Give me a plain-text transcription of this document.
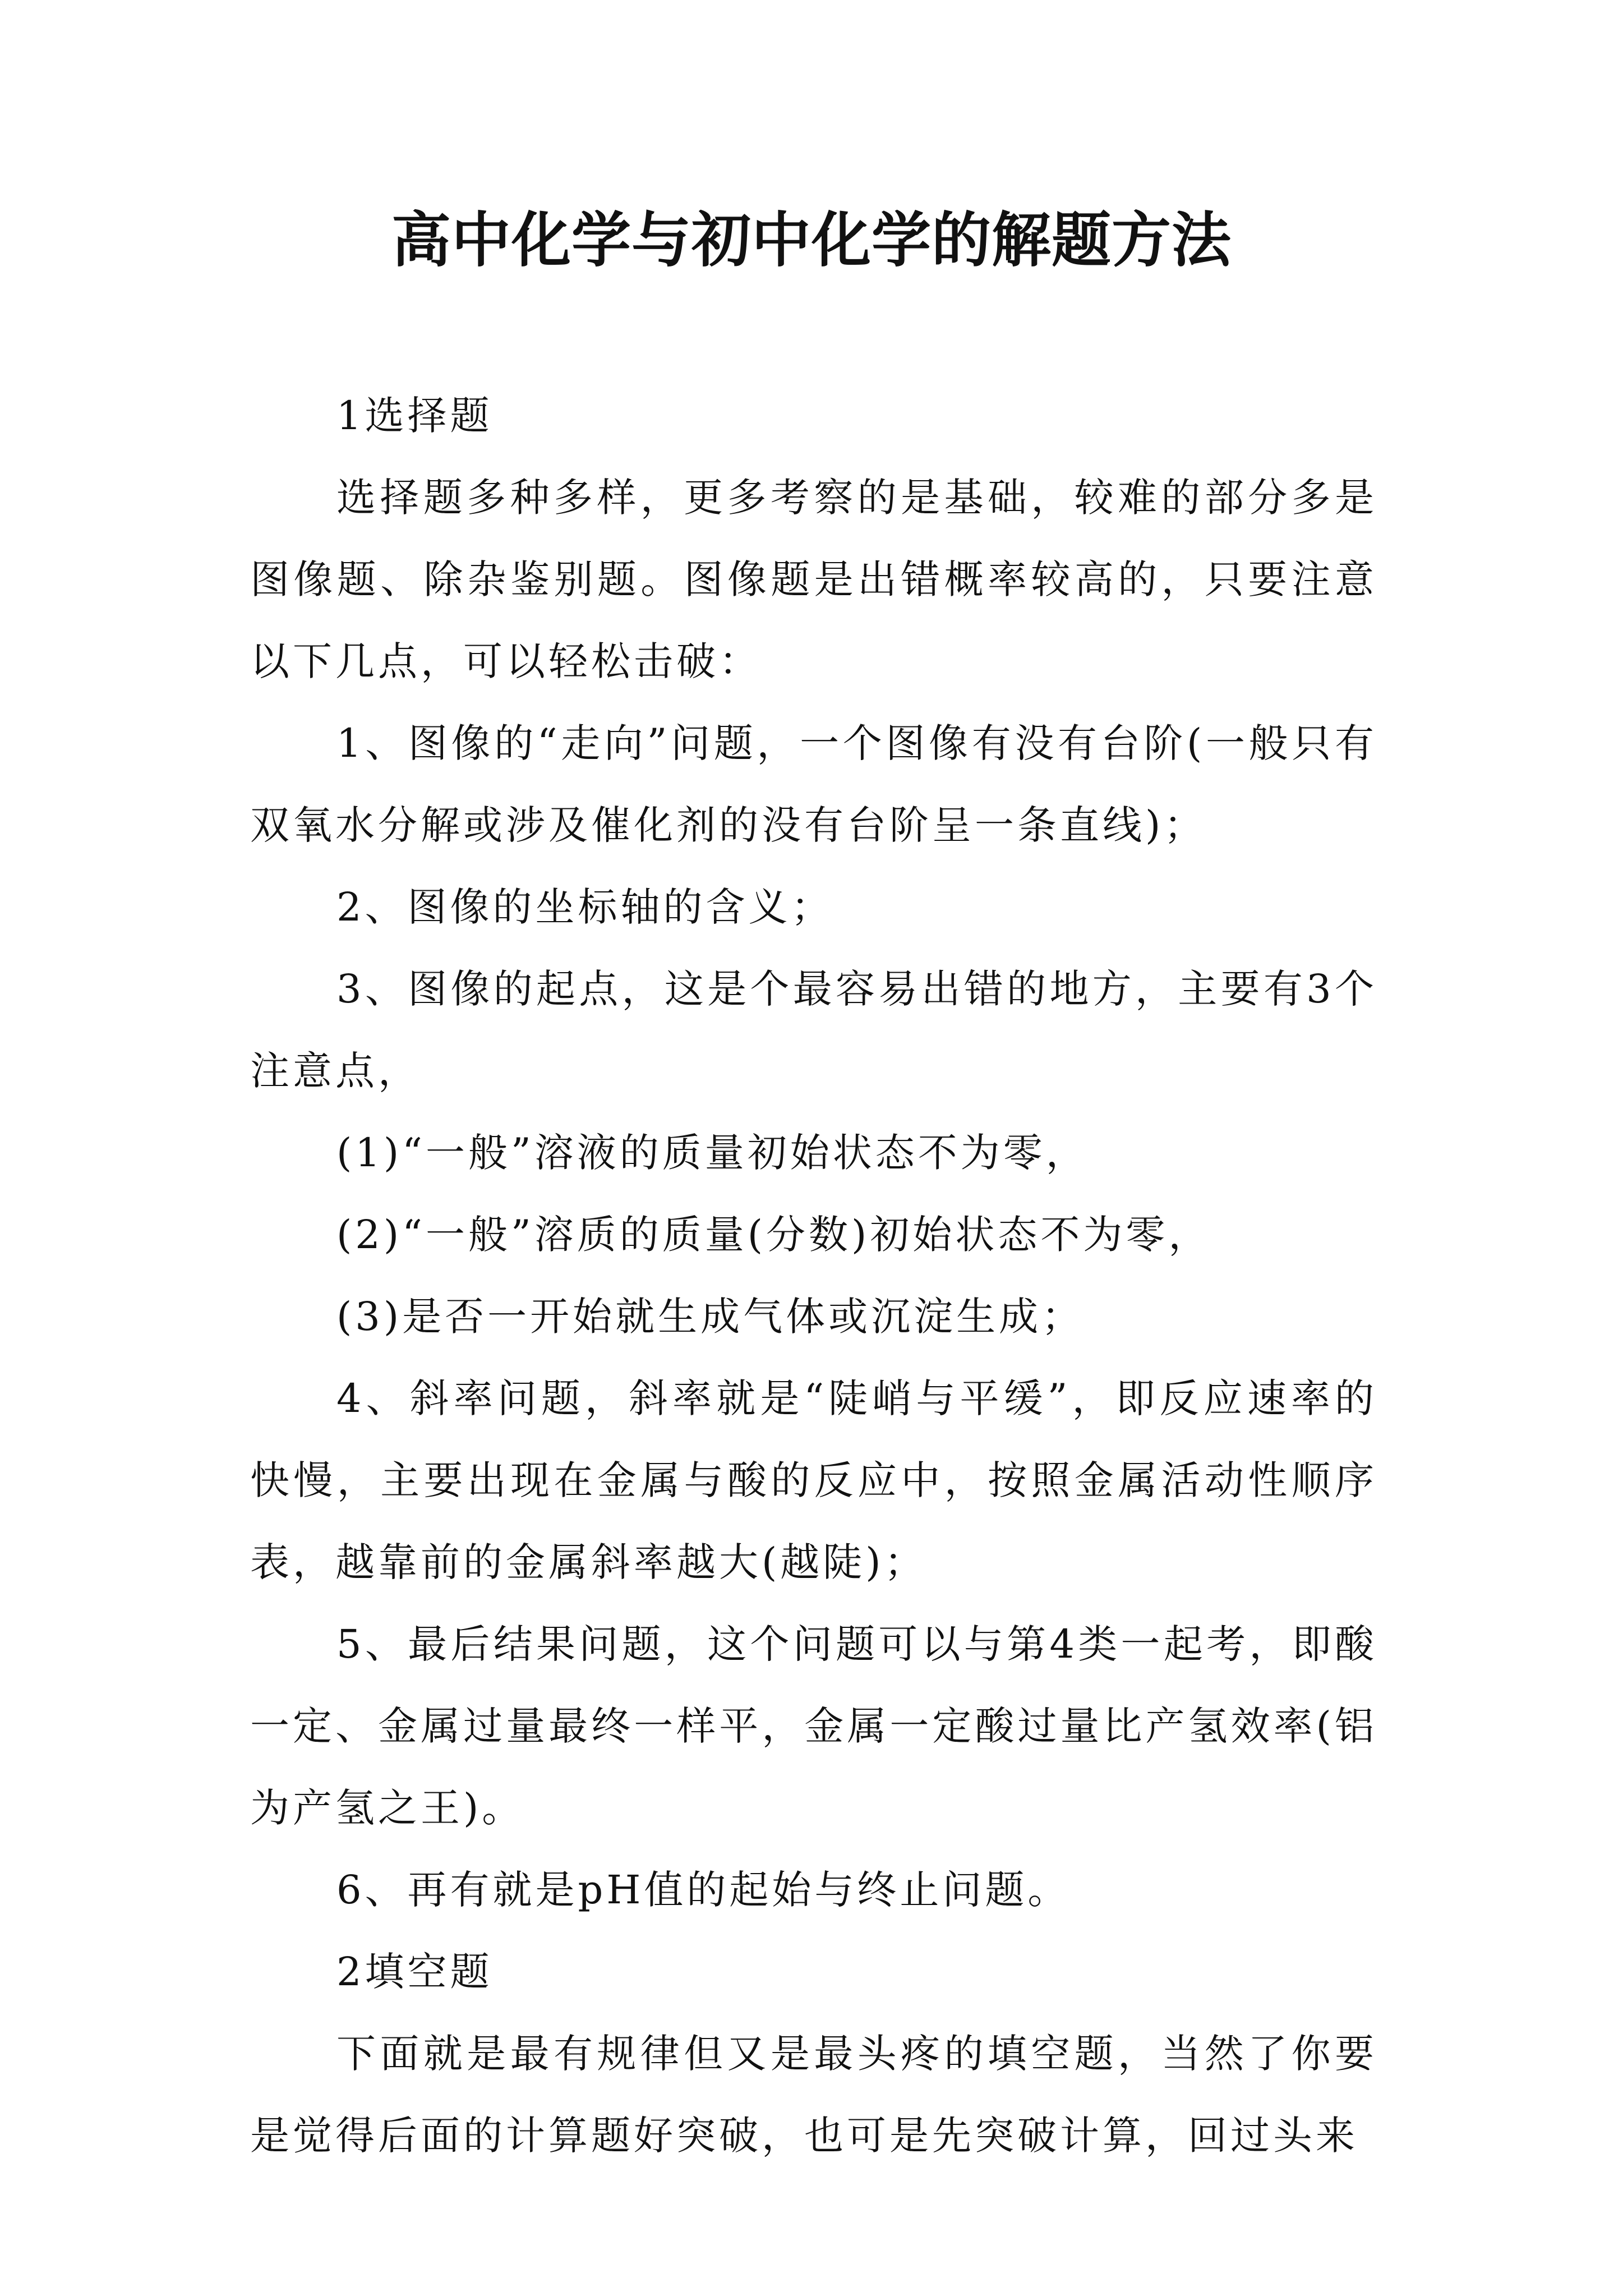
高中化学与初中化学的解题方法

1选择题

选择题多种多样，更多考察的是基础，较难的部分多是图像题、除杂鉴别题。图像题是出错概率较高的，只要注意以下几点，可以轻松击破：

1、图像的“走向”问题，一个图像有没有台阶(一般只有双氧水分解或涉及催化剂的没有台阶呈一条直线)；

2、图像的坐标轴的含义；

3、图像的起点，这是个最容易出错的地方，主要有3个注意点，

(1)“一般”溶液的质量初始状态不为零，

(2)“一般”溶质的质量(分数)初始状态不为零，

(3)是否一开始就生成气体或沉淀生成；

4、斜率问题，斜率就是“陡峭与平缓”，即反应速率的快慢，主要出现在金属与酸的反应中，按照金属活动性顺序表，越靠前的金属斜率越大(越陡)；

5、最后结果问题，这个问题可以与第4类一起考，即酸一定、金属过量最终一样平，金属一定酸过量比产氢效率(铝为产氢之王)。

6、再有就是pH值的起始与终止问题。

2填空题

下面就是最有规律但又是最头疼的填空题，当然了你要是觉得后面的计算题好突破，也可是先突破计算，回过头来
